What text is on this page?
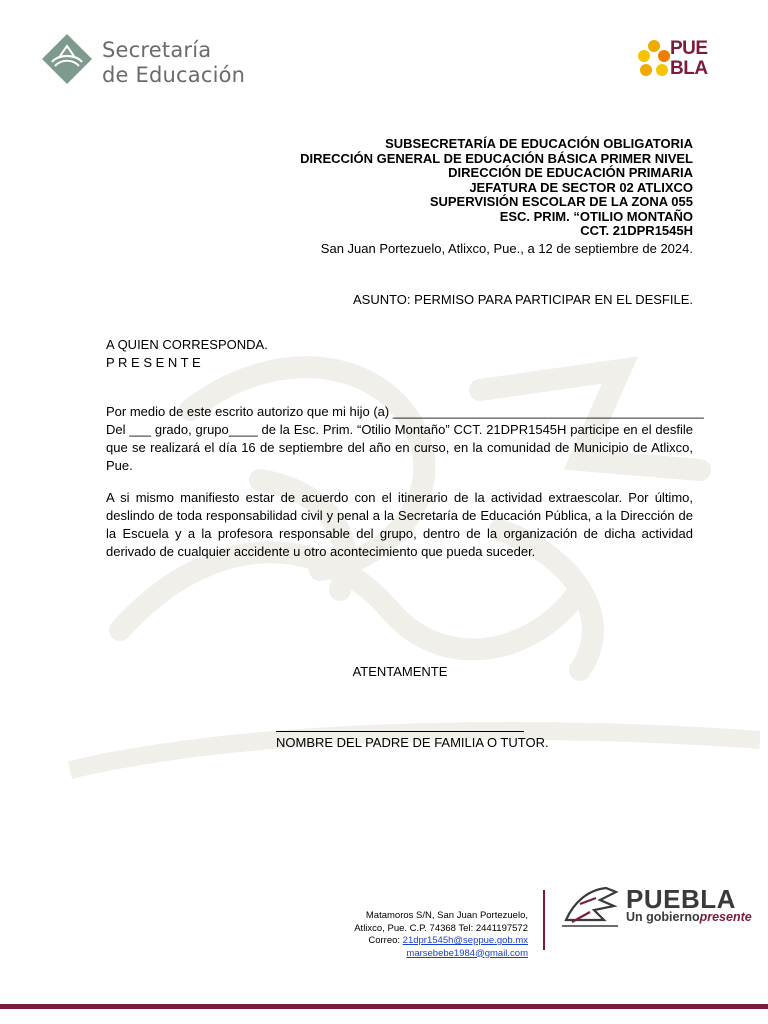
Secretaría
de Educación
PUE
BLA
SUBSECRETARÍA DE EDUCACIÓN OBLIGATORIA
DIRECCIÓN GENERAL DE EDUCACIÓN BÁSICA PRIMER NIVEL
DIRECCIÓN DE EDUCACIÓN PRIMARIA
JEFATURA DE SECTOR 02 ATLIXCO
SUPERVISIÓN ESCOLAR DE LA ZONA 055
ESC. PRIM. “OTILIO MONTAÑO
CCT. 21DPR1545H
San Juan Portezuelo, Atlixco, Pue., a 12 de septiembre de 2024.
ASUNTO: PERMISO PARA PARTICIPAR EN EL DESFILE.
A QUIEN CORRESPONDA.
P R E S E N T E
Por medio de este escrito autorizo que mi hijo (a) ___________________________________________
Del ___ grado, grupo____ de la Esc. Prim. “Otilio Montaño” CCT. 21DPR1545H participe en el desfile que se realizará el día 16 de septiembre del año en curso, en la comunidad de Municipio de Atlixco, Pue.
A si mismo manifiesto estar de acuerdo con el itinerario de la actividad extraescolar. Por último, deslindo de toda responsabilidad civil y penal a la Secretaría de Educación Pública, a la Dirección de la Escuela y a la profesora responsable del grupo, dentro de la organización de dicha actividad derivado de cualquier accidente u otro acontecimiento que pueda suceder.
ATENTAMENTE
NOMBRE DEL PADRE DE FAMILIA O TUTOR.
Matamoros S/N, San Juan Portezuelo,
Atlixco, Pue. C.P. 74368 Tel: 2441197572
Correo: 21dpr1545h@seppue.gob.mx
marsebebe1984@gmail.com
PUEBLA
Un gobiernopresente
